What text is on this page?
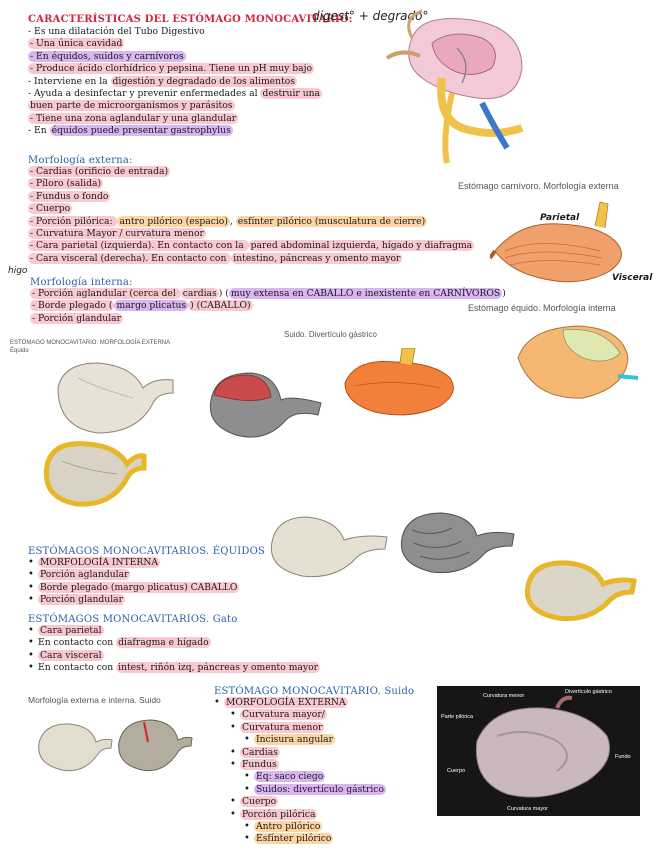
CARACTERÍSTICAS DEL ESTÓMAGO MONOCAVITARIO:
- Es una dilatación del Tubo Digestivo
- Una única cavidad
- En équidos, suidos y carnívoros
- Produce ácido clorhídrico y pepsina. Tiene un pH muy bajo
- Interviene en la digestión y degradado de los alimentos
- Ayuda a desinfectar y prevenir enfermedades al destruir una
buen parte de microorganismos y parásitos
- Tiene una zona aglandular y una glandular
- En équidos puede presentar gastrophylus
digest° + degradó°
Morfología externa:
- Cardias (orificio de entrada)
- Píloro (salida)
- Fundus o fondo
- Cuerpo
- Porción pilórica: antro pilórico (espacio) , esfínter pilórico (musculatura de cierre)
- Curvatura Mayor / curvatura menor
- Cara parietal (izquierda). En contacto con la pared abdominal izquierda, hígado y diafragma
- Cara visceral (derecha). En contacto con intestino, páncreas y omento mayor
higo
Estómago carnívoro. Morfología externa
Parietal
Visceral
Morfología interna:
- Porción aglandular (cerca del cardias ) ( muy extensa en CABALLO e inexistente en CARNÍVOROS )
- Borde plegado ( margo plicatus ) (CABALLO)
- Porción glandular
Estómago équido. Morfología interna
ESTÓMAGO MONOCAVITARIO: MORFOLOGÍA EXTERNA
Équido
Suido. Divertículo gástrico
ESTÓMAGOS MONOCAVITARIOS. ÉQUIDOS
• MORFOLOGÍA INTERNA
• Porción aglandular
• Borde plegado (margo plicatus) CABALLO
• Porción glandular
ESTÓMAGOS MONOCAVITARIOS. Gato
• Cara parietal
• En contacto con diafragma e hígado
• Cara visceral
• En contacto con intest, riñón izq, páncreas y omento mayor
Morfología externa e interna. Suido
ESTÓMAGO MONOCAVITARIO. Suido
• MORFOLOGÍA EXTERNA
• Curvatura mayor/
• Curvatura menor
• Incisura angular
• Cardias
• Fundus
• Eq: saco ciego
• Suidos: divertículo gástrico
• Cuerpo
• Porción pilórica
• Antro pilórico
• Esfínter pilórico
Curvatura menor
Divertículo gástrico
Parte pilórica
Fundo
Cuerpo
Curvatura mayor
